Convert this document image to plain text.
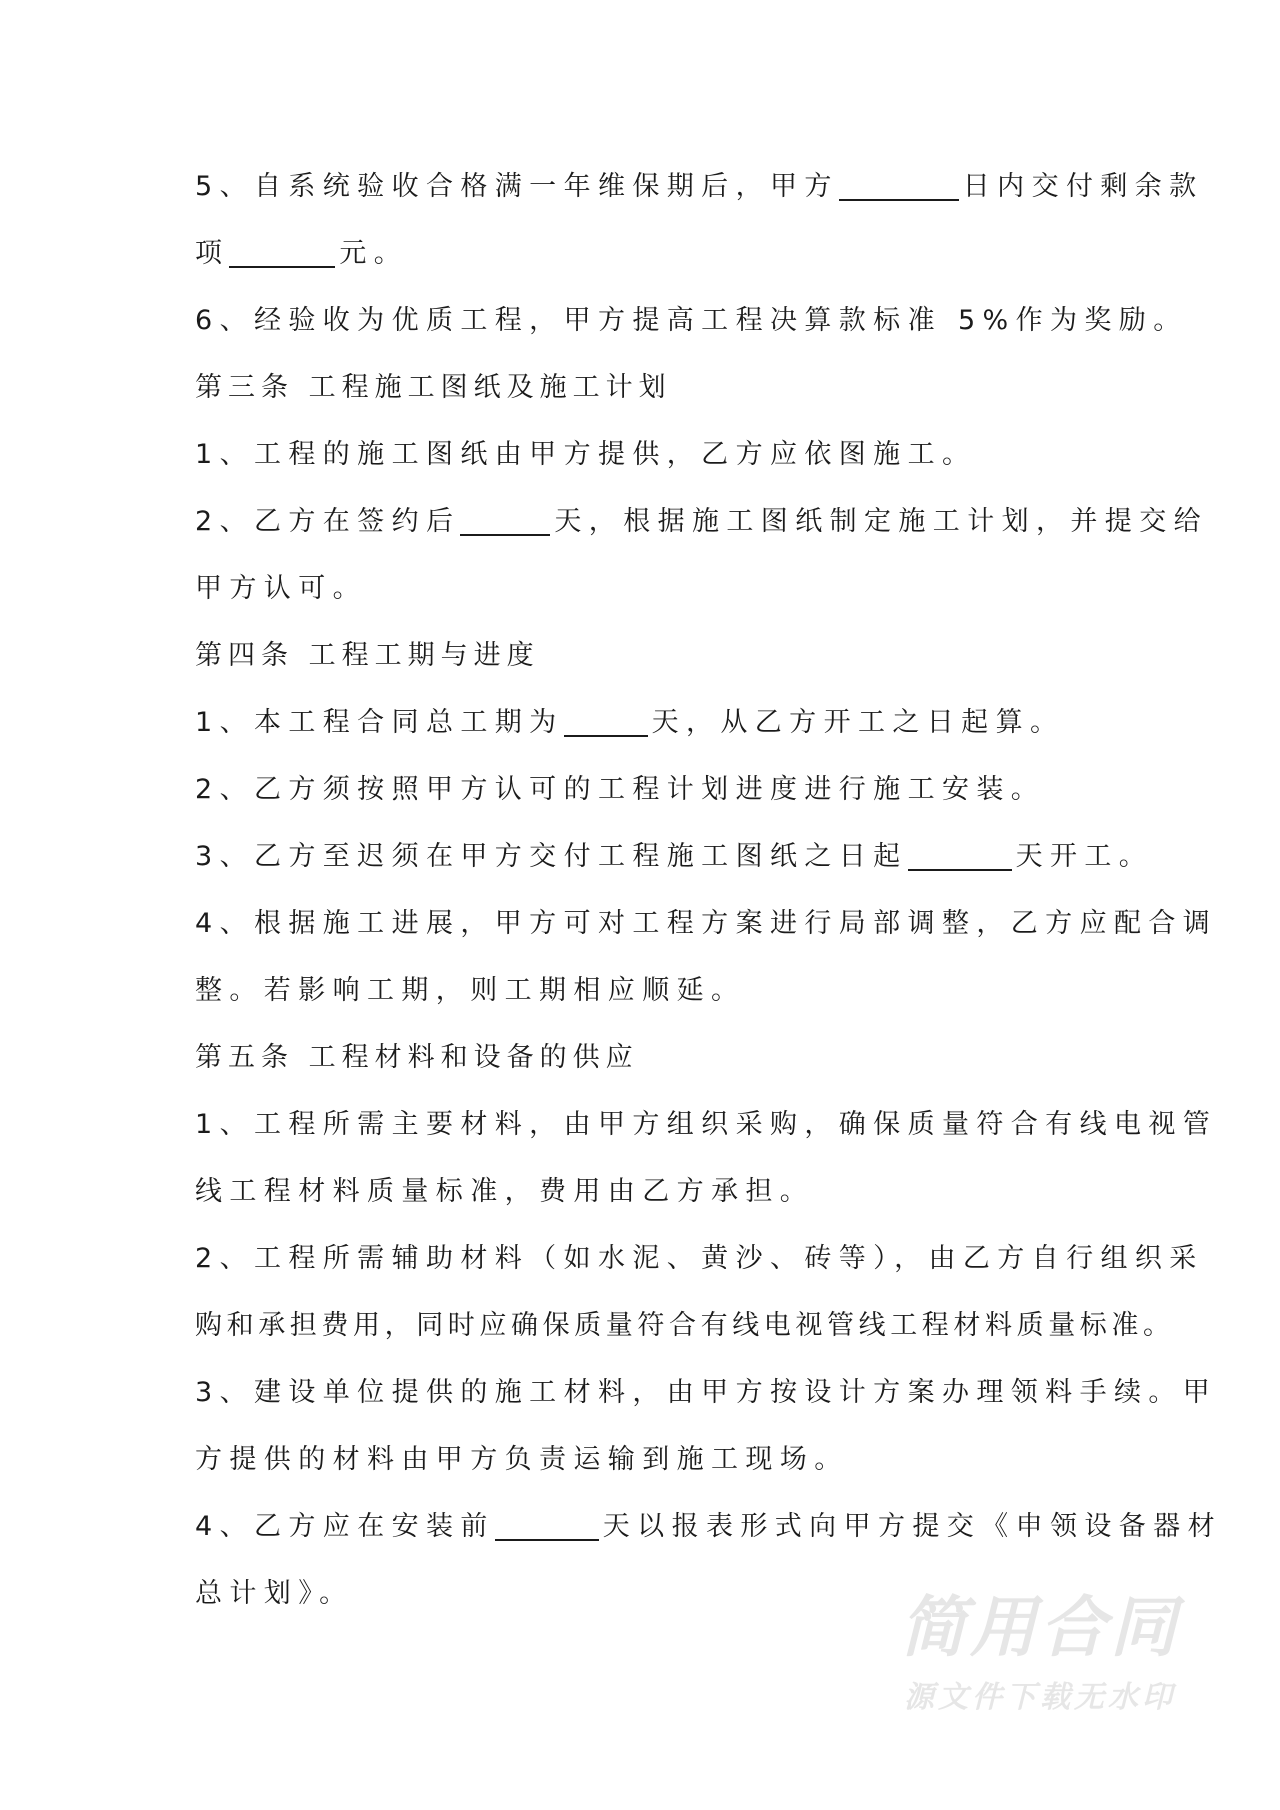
5、自系统验收合格满一年维保期后，甲方	日内交付剩余款
项	元。
6、经验收为优质工程，甲方提高工程决算款标准 5%作为奖励。
第三条 工程施工图纸及施工计划
1、工程的施工图纸由甲方提供，乙方应依图施工。
2、乙方在签约后	天，根据施工图纸制定施工计划，并提交给
甲方认可。
第四条 工程工期与进度
1、本工程合同总工期为	天，从乙方开工之日起算。
2、乙方须按照甲方认可的工程计划进度进行施工安装。
3、乙方至迟须在甲方交付工程施工图纸之日起	天开工。
4、根据施工进展，甲方可对工程方案进行局部调整，乙方应配合调
整。若影响工期，则工期相应顺延。
第五条 工程材料和设备的供应
1、工程所需主要材料，由甲方组织采购，确保质量符合有线电视管
线工程材料质量标准，费用由乙方承担。
2、工程所需辅助材料（如水泥、黄沙、砖等），由乙方自行组织采
购和承担费用，同时应确保质量符合有线电视管线工程材料质量标准。
3、建设单位提供的施工材料，由甲方按设计方案办理领料手续。甲
方提供的材料由甲方负责运输到施工现场。
4、乙方应在安装前	天以报表形式向甲方提交《申领设备器材
总计划》。	简用合同
源文件下载无水印
